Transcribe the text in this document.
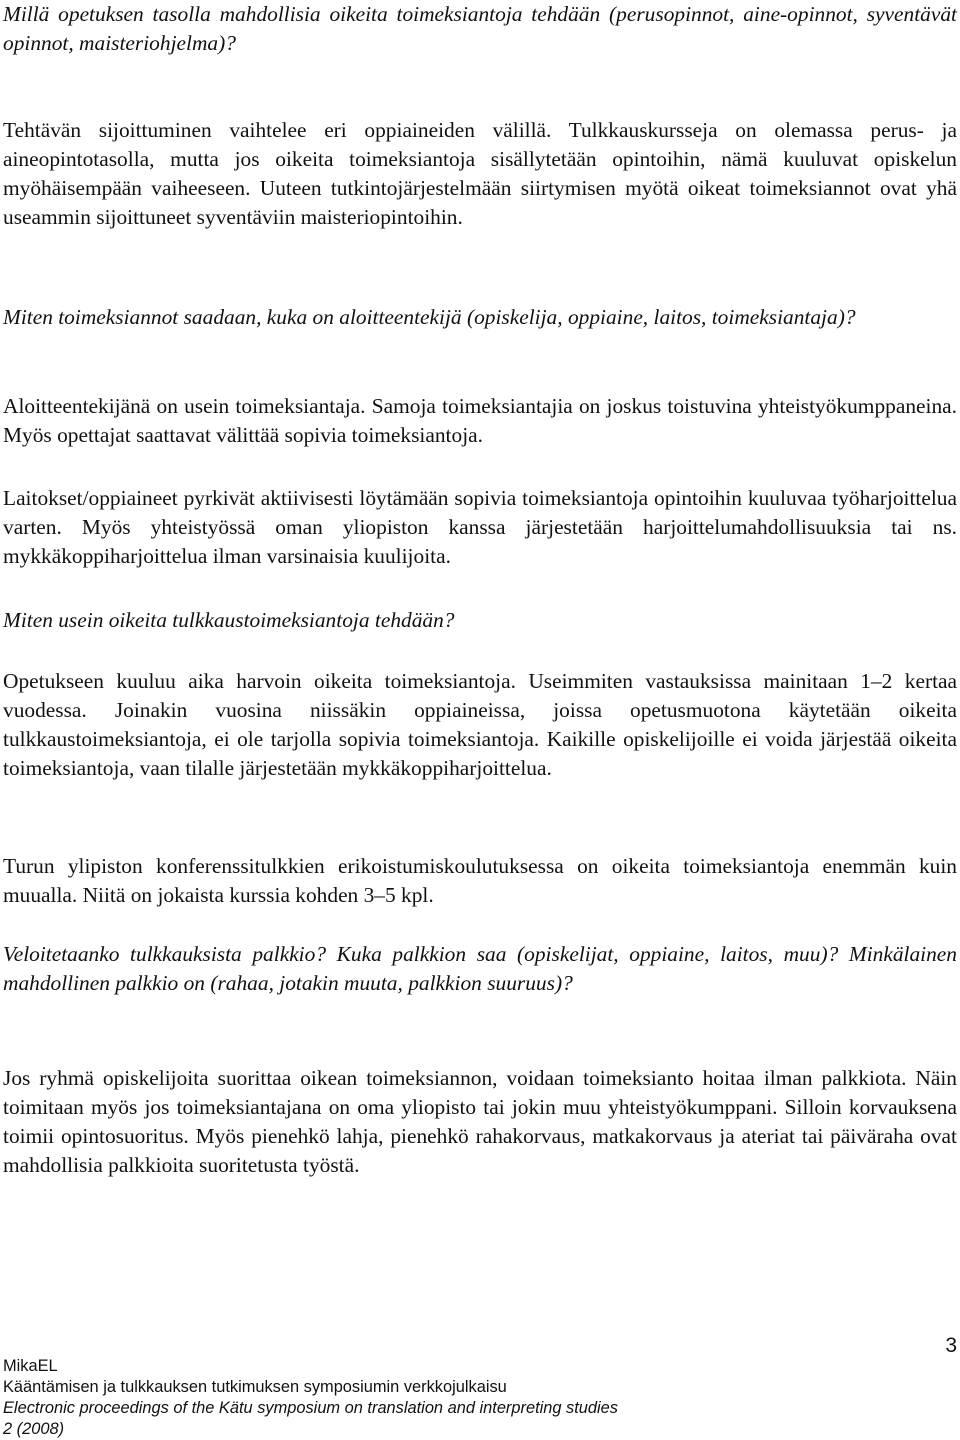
Millä opetuksen tasolla mahdollisia oikeita toimeksiantoja tehdään (perusopinnot, aine-opinnot, syventävät opinnot, maisteriohjelma)?

Tehtävän sijoittuminen vaihtelee eri oppiaineiden välillä. Tulkkauskursseja on olemassa perus- ja aineopintotasolla, mutta jos oikeita toimeksiantoja sisällytetään opintoihin, nämä kuuluvat opiskelun myöhäisempään vaiheeseen. Uuteen tutkintojärjestelmään siirtymisen myötä oikeat toimeksiannot ovat yhä useammin sijoittuneet syventäviin maisteriopintoihin.

Miten toimeksiannot saadaan, kuka on aloitteentekijä (opiskelija, oppiaine, laitos, toimeksiantaja)?

Aloitteentekijänä on usein toimeksiantaja. Samoja toimeksiantajia on joskus toistuvina yhteistyökumppaneina. Myös opettajat saattavat välittää sopivia toimeksiantoja.

Laitokset/oppiaineet pyrkivät aktiivisesti löytämään sopivia toimeksiantoja opintoihin kuuluvaa työharjoittelua varten. Myös yhteistyössä oman yliopiston kanssa järjestetään harjoittelumahdollisuuksia tai ns. mykkäkoppiharjoittelua ilman varsinaisia kuulijoita.

Miten usein oikeita tulkkaustoimeksiantoja tehdään?

Opetukseen kuuluu aika harvoin oikeita toimeksiantoja. Useimmiten vastauksissa mainitaan 1–2 kertaa vuodessa. Joinakin vuosina niissäkin oppiaineissa, joissa opetusmuotona käytetään oikeita tulkkaustoimeksiantoja, ei ole tarjolla sopivia toimeksiantoja. Kaikille opiskelijoille ei voida järjestää oikeita toimeksiantoja, vaan tilalle järjestetään mykkäkoppiharjoittelua.

Turun ylipiston konferenssitulkkien erikoistumiskoulutuksessa on oikeita toimeksiantoja enemmän kuin muualla. Niitä on jokaista kurssia kohden 3–5 kpl.

Veloitetaanko tulkkauksista palkkio? Kuka palkkion saa (opiskelijat, oppiaine, laitos, muu)? Minkälainen mahdollinen palkkio on (rahaa, jotakin muuta, palkkion suuruus)?

Jos ryhmä opiskelijoita suorittaa oikean toimeksiannon, voidaan toimeksianto hoitaa ilman palkkiota. Näin toimitaan myös jos toimeksiantajana on oma yliopisto tai jokin muu yhteistyökumppani. Silloin korvauksena toimii opintosuoritus. Myös pienehkö lahja, pienehkö rahakorvaus, matkakorvaus ja ateriat tai päiväraha ovat mahdollisia palkkioita suoritetusta työstä.

3
MikaEL
Kääntämisen ja tulkkauksen tutkimuksen symposiumin verkkojulkaisu
Electronic proceedings of the Kätu symposium on translation and interpreting studies
2 (2008)
